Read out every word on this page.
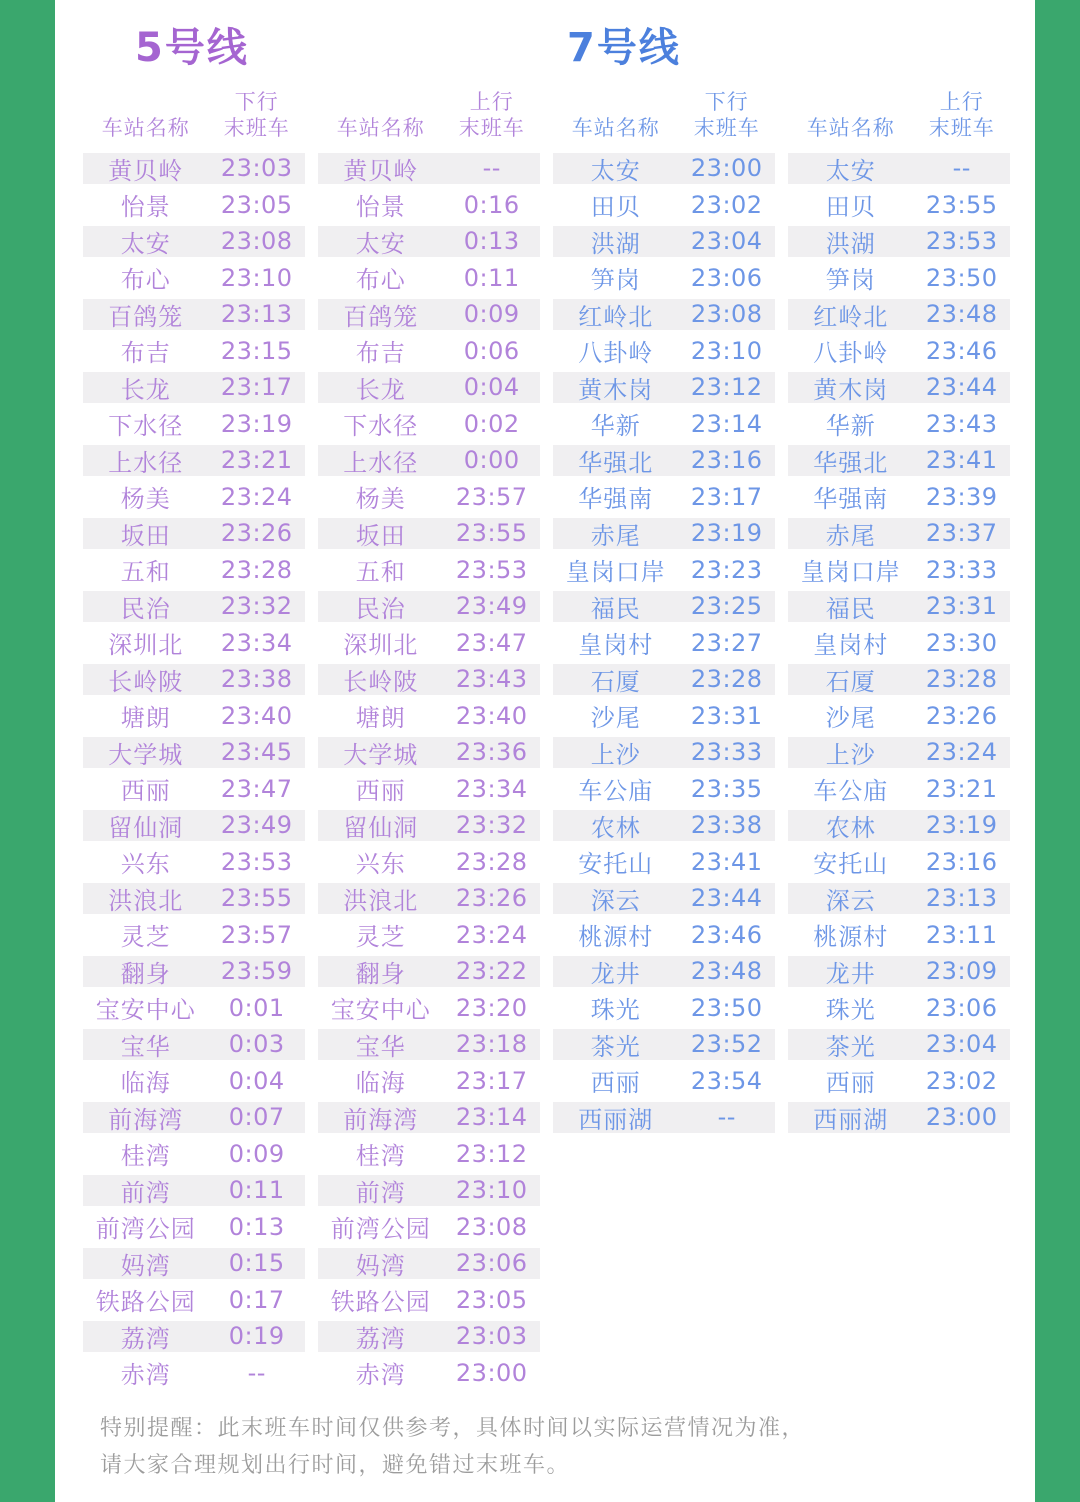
5号线
车站名称
下行
末班车
黄贝岭	23:03
怡景	23:05
太安	23:08
布心	23:10
百鸽笼	23:13
布吉	23:15
长龙	23:17
下水径	23:19
上水径	23:21
杨美	23:24
坂田	23:26
五和	23:28
民治	23:32
深圳北	23:34
长岭陂	23:38
塘朗	23:40
大学城	23:45
西丽	23:47
留仙洞	23:49
兴东	23:53
洪浪北	23:55
灵芝	23:57
翻身	23:59
宝安中心	0:01
宝华	0:03
临海	0:04
前海湾	0:07
桂湾	0:09
前湾	0:11
前湾公园	0:13
妈湾	0:15
铁路公园	0:17
荔湾	0:19
赤湾	--
车站名称
上行
末班车
黄贝岭	--
怡景	0:16
太安	0:13
布心	0:11
百鸽笼	0:09
布吉	0:06
长龙	0:04
下水径	0:02
上水径	0:00
杨美	23:57
坂田	23:55
五和	23:53
民治	23:49
深圳北	23:47
长岭陂	23:43
塘朗	23:40
大学城	23:36
西丽	23:34
留仙洞	23:32
兴东	23:28
洪浪北	23:26
灵芝	23:24
翻身	23:22
宝安中心	23:20
宝华	23:18
临海	23:17
前海湾	23:14
桂湾	23:12
前湾	23:10
前湾公园	23:08
妈湾	23:06
铁路公园	23:05
荔湾	23:03
赤湾	23:00
7号线
车站名称
下行
末班车
太安	23:00
田贝	23:02
洪湖	23:04
笋岗	23:06
红岭北	23:08
八卦岭	23:10
黄木岗	23:12
华新	23:14
华强北	23:16
华强南	23:17
赤尾	23:19
皇岗口岸	23:23
福民	23:25
皇岗村	23:27
石厦	23:28
沙尾	23:31
上沙	23:33
车公庙	23:35
农林	23:38
安托山	23:41
深云	23:44
桃源村	23:46
龙井	23:48
珠光	23:50
茶光	23:52
西丽	23:54
西丽湖	--
车站名称
上行
末班车
太安	--
田贝	23:55
洪湖	23:53
笋岗	23:50
红岭北	23:48
八卦岭	23:46
黄木岗	23:44
华新	23:43
华强北	23:41
华强南	23:39
赤尾	23:37
皇岗口岸	23:33
福民	23:31
皇岗村	23:30
石厦	23:28
沙尾	23:26
上沙	23:24
车公庙	23:21
农林	23:19
安托山	23:16
深云	23:13
桃源村	23:11
龙井	23:09
珠光	23:06
茶光	23:04
西丽	23:02
西丽湖	23:00
特别提醒：此末班车时间仅供参考，具体时间以实际运营情况为准，
请大家合理规划出行时间，避免错过末班车。
